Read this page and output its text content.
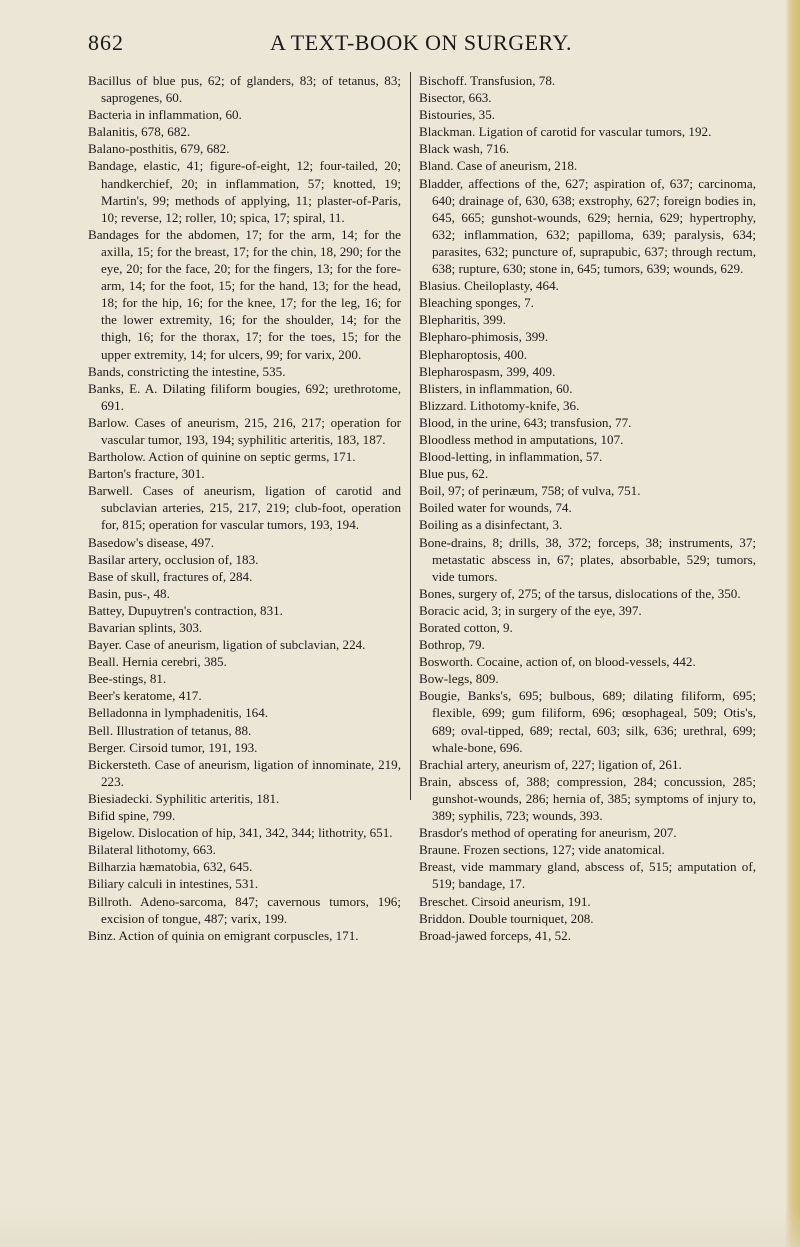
862	A TEXT-BOOK ON SURGERY.

Bacillus of blue pus, 62; of glanders, 83; of tetanus, 83; saprogenes, 60.

Bacteria in inflammation, 60.

Balanitis, 678, 682.

Balano-posthitis, 679, 682.

Bandage, elastic, 41; figure-of-eight, 12; four-tailed, 20; handkerchief, 20; in inflammation, 57; knotted, 19; Martin's, 99; methods of applying, 11; plaster-of-Paris, 10; reverse, 12; roller, 10; spica, 17; spiral, 11.

Bandages for the abdomen, 17; for the arm, 14; for the axilla, 15; for the breast, 17; for the chin, 18, 290; for the eye, 20; for the face, 20; for the fingers, 13; for the fore-arm, 14; for the foot, 15; for the hand, 13; for the head, 18; for the hip, 16; for the knee, 17; for the leg, 16; for the lower extremity, 16; for the shoulder, 14; for the thigh, 16; for the thorax, 17; for the toes, 15; for the upper extremity, 14; for ulcers, 99; for varix, 200.

Bands, constricting the intestine, 535.

Banks, E. A. Dilating filiform bougies, 692; urethrotome, 691.

Barlow. Cases of aneurism, 215, 216, 217; operation for vascular tumor, 193, 194; syphilitic arteritis, 183, 187.

Bartholow. Action of quinine on septic germs, 171.

Barton's fracture, 301.

Barwell. Cases of aneurism, ligation of carotid and subclavian arteries, 215, 217, 219; club-foot, operation for, 815; operation for vascular tumors, 193, 194.

Basedow's disease, 497.

Basilar artery, occlusion of, 183.

Base of skull, fractures of, 284.

Basin, pus-, 48.

Battey, Dupuytren's contraction, 831.

Bavarian splints, 303.

Bayer. Case of aneurism, ligation of subclavian, 224.

Beall. Hernia cerebri, 385.

Bee-stings, 81.

Beer's keratome, 417.

Belladonna in lymphadenitis, 164.

Bell. Illustration of tetanus, 88.

Berger. Cirsoid tumor, 191, 193.

Bickersteth. Case of aneurism, ligation of innominate, 219, 223.

Biesiadecki. Syphilitic arteritis, 181.

Bifid spine, 799.

Bigelow. Dislocation of hip, 341, 342, 344; lithotrity, 651.

Bilateral lithotomy, 663.

Bilharzia hæmatobia, 632, 645.

Biliary calculi in intestines, 531.

Billroth. Adeno-sarcoma, 847; cavernous tumors, 196; excision of tongue, 487; varix, 199.

Binz. Action of quinia on emigrant corpuscles, 171.

Bischoff. Transfusion, 78.

Bisector, 663.

Bistouries, 35.

Blackman. Ligation of carotid for vascular tumors, 192.

Black wash, 716.

Bland. Case of aneurism, 218.

Bladder, affections of the, 627; aspiration of, 637; carcinoma, 640; drainage of, 630, 638; exstrophy, 627; foreign bodies in, 645, 665; gunshot-wounds, 629; hernia, 629; hypertrophy, 632; inflammation, 632; papilloma, 639; paralysis, 634; parasites, 632; puncture of, suprapubic, 637; through rectum, 638; rupture, 630; stone in, 645; tumors, 639; wounds, 629.

Blasius. Cheiloplasty, 464.

Bleaching sponges, 7.

Blepharitis, 399.

Blepharo-phimosis, 399.

Blepharoptosis, 400.

Blepharospasm, 399, 409.

Blisters, in inflammation, 60.

Blizzard. Lithotomy-knife, 36.

Blood, in the urine, 643; transfusion, 77.

Bloodless method in amputations, 107.

Blood-letting, in inflammation, 57.

Blue pus, 62.

Boil, 97; of perinæum, 758; of vulva, 751.

Boiled water for wounds, 74.

Boiling as a disinfectant, 3.

Bone-drains, 8; drills, 38, 372; forceps, 38; instruments, 37; metastatic abscess in, 67; plates, absorbable, 529; tumors, vide tumors.

Bones, surgery of, 275; of the tarsus, dislocations of the, 350.

Boracic acid, 3; in surgery of the eye, 397.

Borated cotton, 9.

Bothrop, 79.

Bosworth. Cocaine, action of, on blood-vessels, 442.

Bow-legs, 809.

Bougie, Banks's, 695; bulbous, 689; dilating filiform, 695; flexible, 699; gum filiform, 696; œsophageal, 509; Otis's, 689; oval-tipped, 689; rectal, 603; silk, 636; urethral, 699; whale-bone, 696.

Brachial artery, aneurism of, 227; ligation of, 261.

Brain, abscess of, 388; compression, 284; concussion, 285; gunshot-wounds, 286; hernia of, 385; symptoms of injury to, 389; syphilis, 723; wounds, 393.

Brasdor's method of operating for aneurism, 207.

Braune. Frozen sections, 127; vide anatomical.

Breast, vide mammary gland, abscess of, 515; amputation of, 519; bandage, 17.

Breschet. Cirsoid aneurism, 191.

Briddon. Double tourniquet, 208.

Broad-jawed forceps, 41, 52.
